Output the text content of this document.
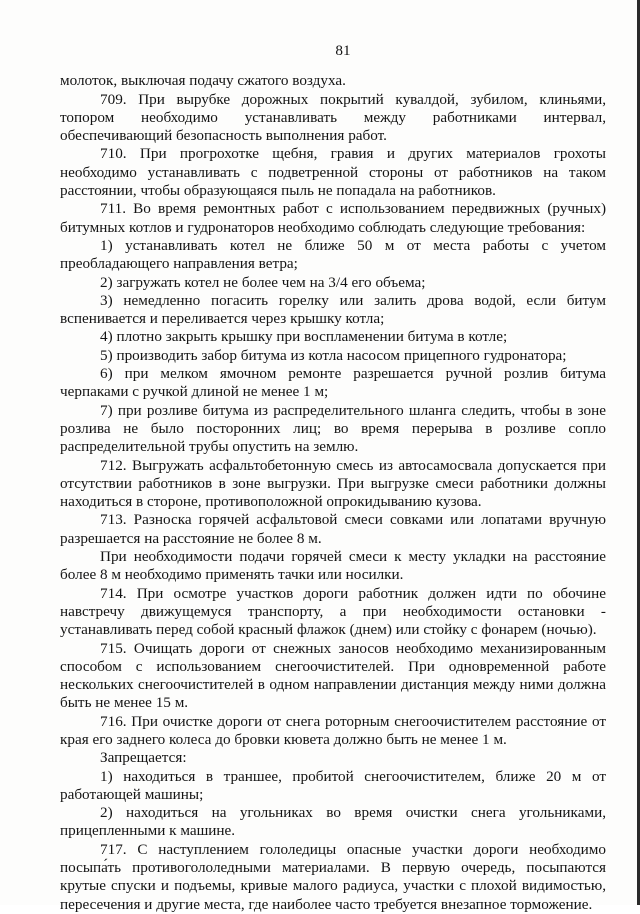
81

молоток, выключая подачу сжатого воздуха.

709. При вырубке дорожных покрытий кувалдой, зубилом, клиньями, топором необходимо устанавливать между работниками интервал, обеспечивающий безопасность выполнения работ.

710. При прогрохотке щебня, гравия и других материалов грохоты необходимо устанавливать с подветренной стороны от работников на таком расстоянии, чтобы образующаяся пыль не попадала на работников.

711. Во время ремонтных работ с использованием передвижных (ручных) битумных котлов и гудронаторов необходимо соблюдать следующие требования:

1) устанавливать котел не ближе 50 м от места работы с учетом преобладающего направления ветра;

2) загружать котел не более чем на 3/4 его объема;

3) немедленно погасить горелку или залить дрова водой, если битум вспенивается и переливается через крышку котла;

4) плотно закрыть крышку при воспламенении битума в котле;

5) производить забор битума из котла насосом прицепного гудронатора;

6) при мелком ямочном ремонте разрешается ручной розлив битума черпаками с ручкой длиной не менее 1 м;

7) при розливе битума из распределительного шланга следить, чтобы в зоне розлива не было посторонних лиц; во время перерыва в розливе сопло распределительной трубы опустить на землю.

712. Выгружать асфальтобетонную смесь из автосамосвала допускается при отсутствии работников в зоне выгрузки. При выгрузке смеси работники должны находиться в стороне, противоположной опрокидыванию кузова.

713. Разноска горячей асфальтовой смеси совками или лопатами вручную разрешается на расстояние не более 8 м.

При необходимости подачи горячей смеси к месту укладки на расстояние более 8 м необходимо применять тачки или носилки.

714. При осмотре участков дороги работник должен идти по обочине навстречу движущемуся транспорту, а при необходимости остановки - устанавливать перед собой красный флажок (днем) или стойку с фонарем (ночью).

715. Очищать дороги от снежных заносов необходимо механизированным способом с использованием снегоочистителей. При одновременной работе нескольких снегоочистителей в одном направлении дистанция между ними должна быть не менее 15 м.

716. При очистке дороги от снега роторным снегоочистителем расстояние от края его заднего колеса до бровки кювета должно быть не менее 1 м.

Запрещается:

1) находиться в траншее, пробитой снегоочистителем, ближе 20 м от работающей машины;

2) находиться на угольниках во время очистки снега угольниками, прицепленными к машине.

717. С наступлением гололедицы опасные участки дороги необходимо посыпа́ть противогололедными материалами. В первую очередь, посыпаются крутые спуски и подъемы, кривые малого радиуса, участки с плохой видимостью, пересечения и другие места, где наиболее часто требуется внезапное торможение.
